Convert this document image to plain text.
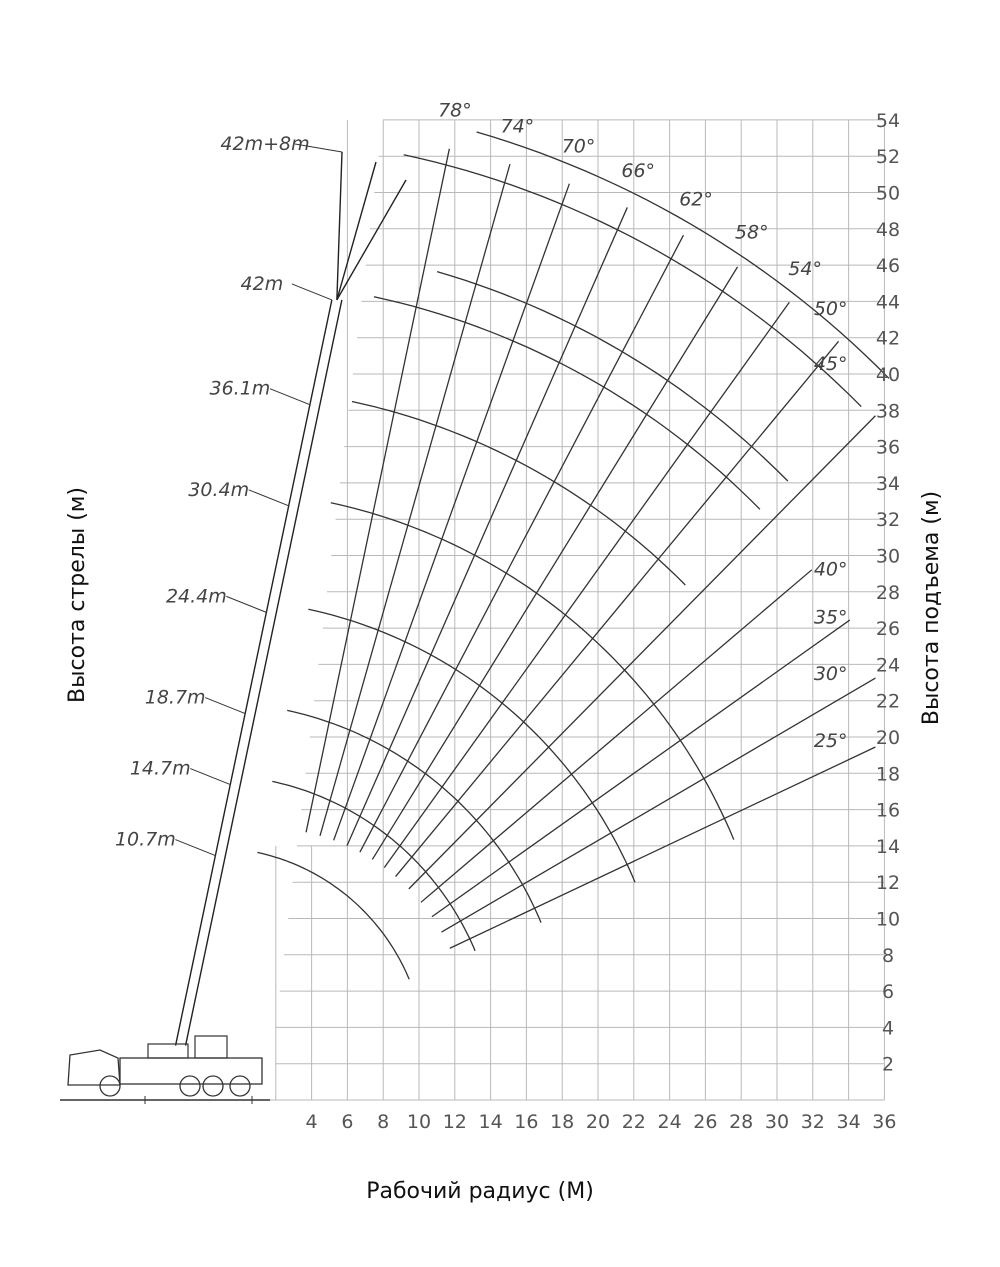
Рабочий радиус (М)
Высота стрелы (м)	Высота подъема (м)
4 6 8 10 12 14 16 18 20 22 24 26 28 30 32 34 36
2
4
6
8
10
12
14
16
18
20
22
24
26
28
30
32
34
36
38
40
42
44
46
48
50
52
54
78°
74°
70°
66°
62°
58°
54°
50°
45°
40°
35°
30°
25°
10.7m
14.7m
18.7m
24.4m
30.4m
36.1m
42m
42m+8m
